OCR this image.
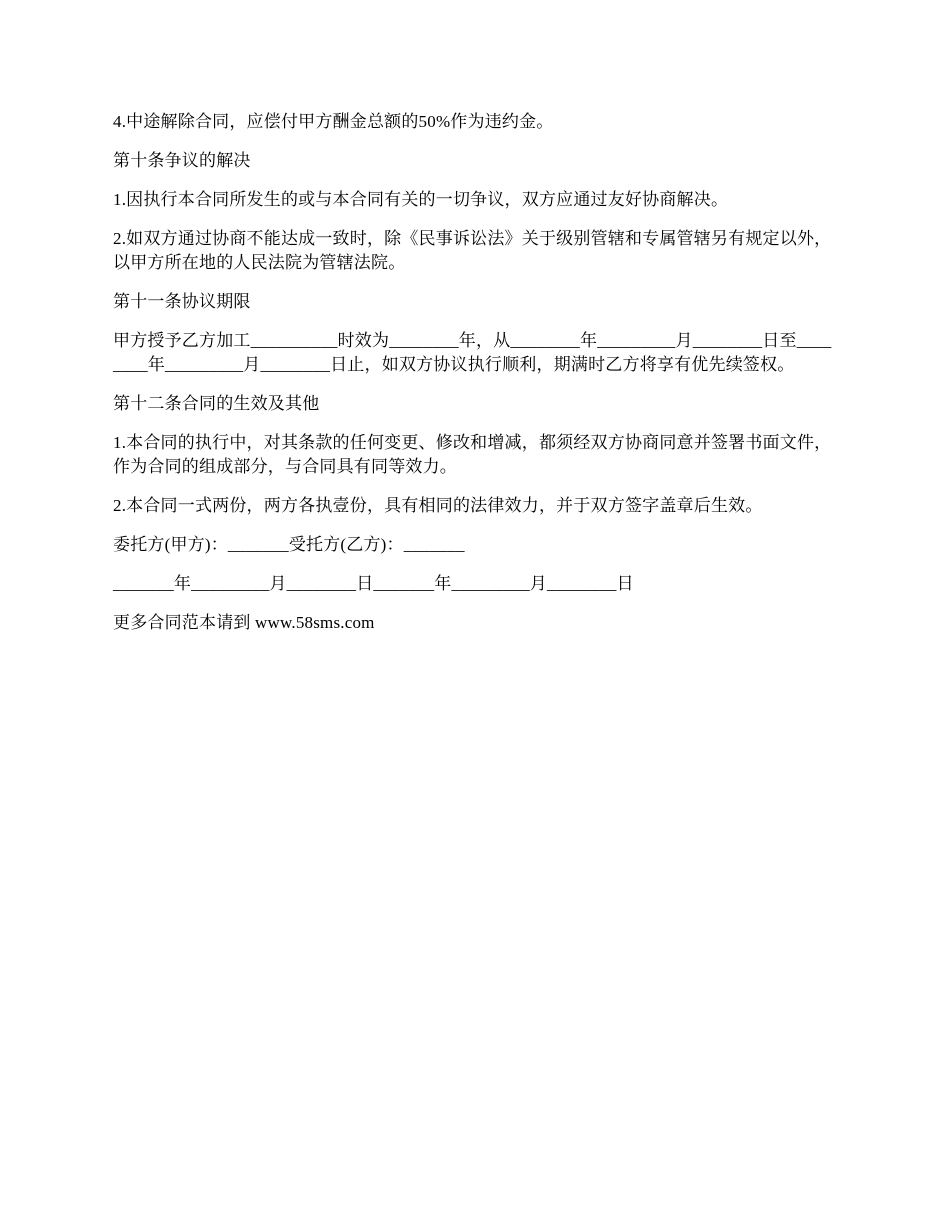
4.中途解除合同，应偿付甲方酬金总额的50%作为违约金。

第十条争议的解决

1.因执行本合同所发生的或与本合同有关的一切争议，双方应通过友好协商解决。

2.如双方通过协商不能达成一致时，除《民事诉讼法》关于级别管辖和专属管辖另有规定以外，以甲方所在地的人民法院为管辖法院。

第十一条协议期限

甲方授予乙方加工__________时效为________年，从________年_________月________日至________年_________月________日止，如双方协议执行顺利，期满时乙方将享有优先续签权。

第十二条合同的生效及其他

1.本合同的执行中，对其条款的任何变更、修改和增减，都须经双方协商同意并签署书面文件，作为合同的组成部分，与合同具有同等效力。

2.本合同一式两份，两方各执壹份，具有相同的法律效力，并于双方签字盖章后生效。

委托方(甲方)：_______受托方(乙方)：_______

_______年_________月________日_______年_________月________日

更多合同范本请到 www.58sms.com
